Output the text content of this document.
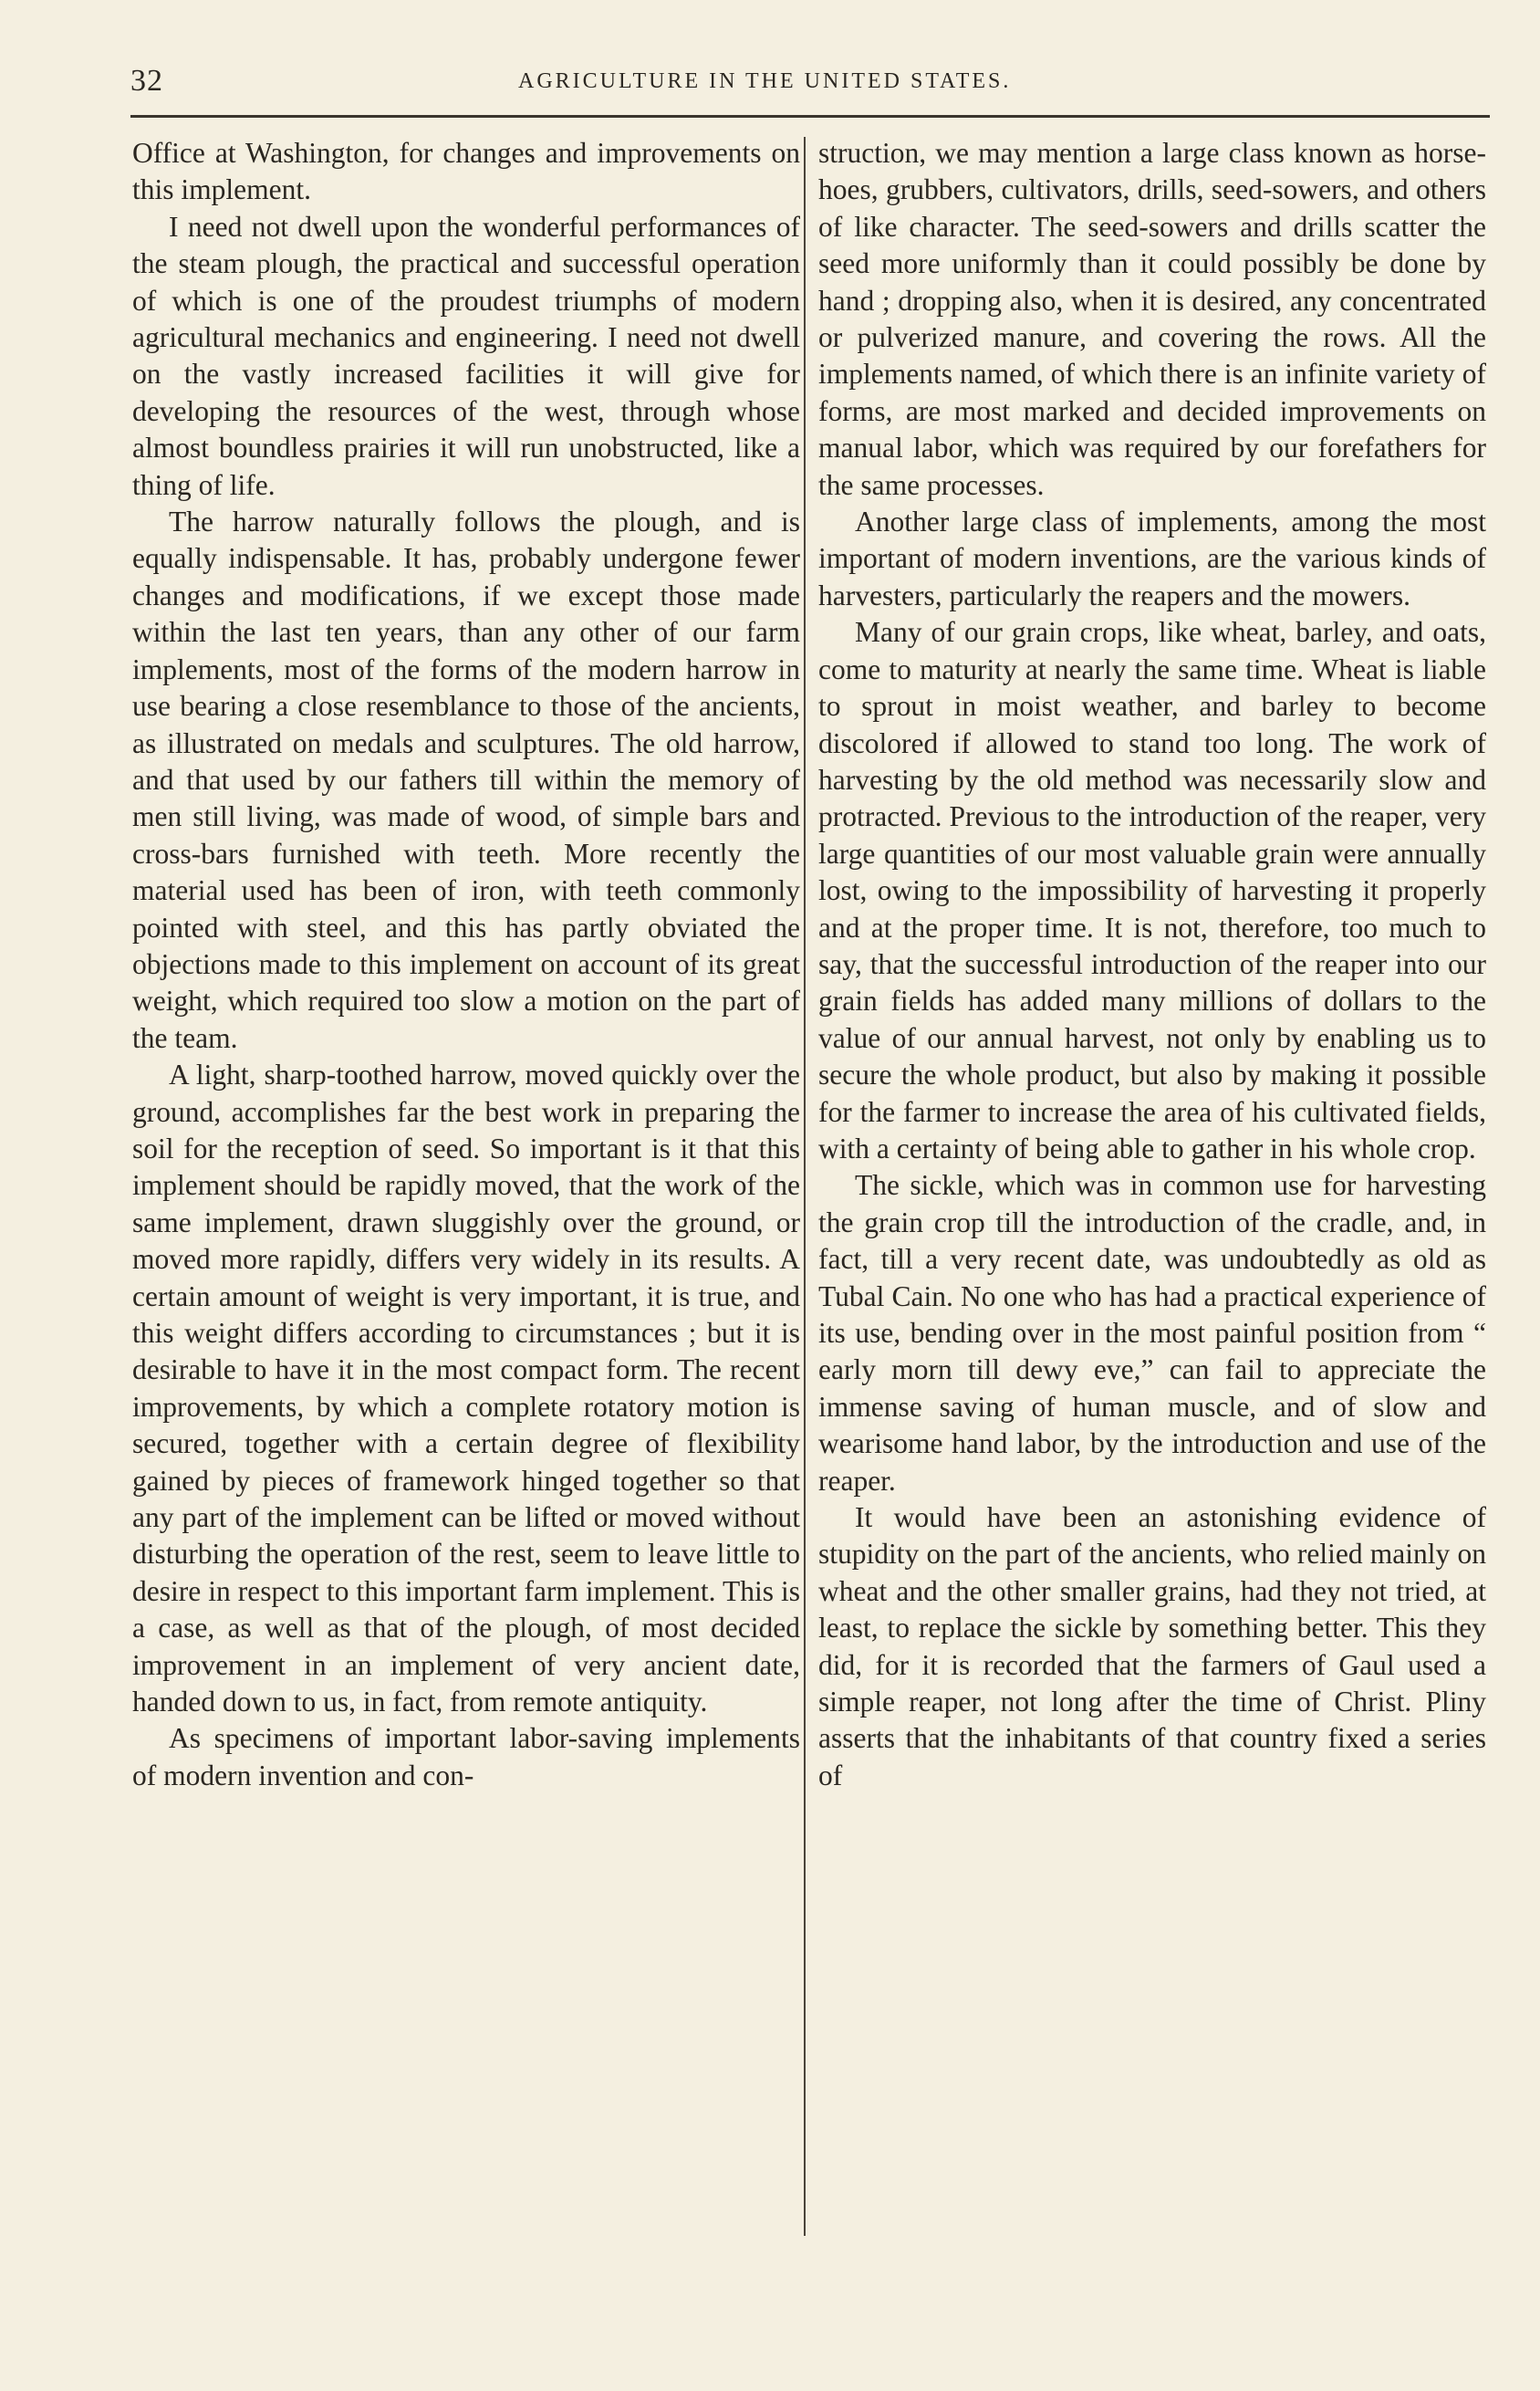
32	AGRICULTURE IN THE UNITED STATES.

Office at Washington, for changes and improvements on this implement.

I need not dwell upon the wonderful performances of the steam plough, the practical and successful operation of which is one of the proudest triumphs of modern agricultural mechanics and engineering. I need not dwell on the vastly increased facilities it will give for developing the resources of the west, through whose almost boundless prairies it will run unobstructed, like a thing of life.

The harrow naturally follows the plough, and is equally indispensable. It has, probably undergone fewer changes and modifications, if we except those made within the last ten years, than any other of our farm implements, most of the forms of the modern harrow in use bearing a close resemblance to those of the ancients, as illustrated on medals and sculptures. The old harrow, and that used by our fathers till within the memory of men still living, was made of wood, of simple bars and cross-bars furnished with teeth. More recently the material used has been of iron, with teeth commonly pointed with steel, and this has partly obviated the objections made to this implement on account of its great weight, which required too slow a motion on the part of the team.

A light, sharp-toothed harrow, moved quickly over the ground, accomplishes far the best work in preparing the soil for the reception of seed. So important is it that this implement should be rapidly moved, that the work of the same implement, drawn sluggishly over the ground, or moved more rapidly, differs very widely in its results. A certain amount of weight is very important, it is true, and this weight differs according to circumstances ; but it is desirable to have it in the most compact form. The recent improvements, by which a complete rotatory motion is secured, together with a certain degree of flexibility gained by pieces of framework hinged together so that any part of the implement can be lifted or moved without disturbing the operation of the rest, seem to leave little to desire in respect to this important farm implement. This is a case, as well as that of the plough, of most decided improvement in an implement of very ancient date, handed down to us, in fact, from remote antiquity.

As specimens of important labor-saving implements of modern invention and con-

struction, we may mention a large class known as horse-hoes, grubbers, cultivators, drills, seed-sowers, and others of like character. The seed-sowers and drills scatter the seed more uniformly than it could possibly be done by hand ; dropping also, when it is desired, any concentrated or pulverized manure, and covering the rows. All the implements named, of which there is an infinite variety of forms, are most marked and decided improvements on manual labor, which was required by our forefathers for the same processes.

Another large class of implements, among the most important of modern inventions, are the various kinds of harvesters, particularly the reapers and the mowers.

Many of our grain crops, like wheat, barley, and oats, come to maturity at nearly the same time. Wheat is liable to sprout in moist weather, and barley to become discolored if allowed to stand too long. The work of harvesting by the old method was necessarily slow and protracted. Previous to the introduction of the reaper, very large quantities of our most valuable grain were annually lost, owing to the impossibility of harvesting it properly and at the proper time. It is not, therefore, too much to say, that the successful introduction of the reaper into our grain fields has added many millions of dollars to the value of our annual harvest, not only by enabling us to secure the whole product, but also by making it possible for the farmer to increase the area of his cultivated fields, with a certainty of being able to gather in his whole crop.

The sickle, which was in common use for harvesting the grain crop till the introduction of the cradle, and, in fact, till a very recent date, was undoubtedly as old as Tubal Cain. No one who has had a practical experience of its use, bending over in the most painful position from “ early morn till dewy eve,” can fail to appreciate the immense saving of human muscle, and of slow and wearisome hand labor, by the introduction and use of the reaper.

It would have been an astonishing evidence of stupidity on the part of the ancients, who relied mainly on wheat and the other smaller grains, had they not tried, at least, to replace the sickle by something better. This they did, for it is recorded that the farmers of Gaul used a simple reaper, not long after the time of Christ. Pliny asserts that the inhabitants of that country fixed a series of
